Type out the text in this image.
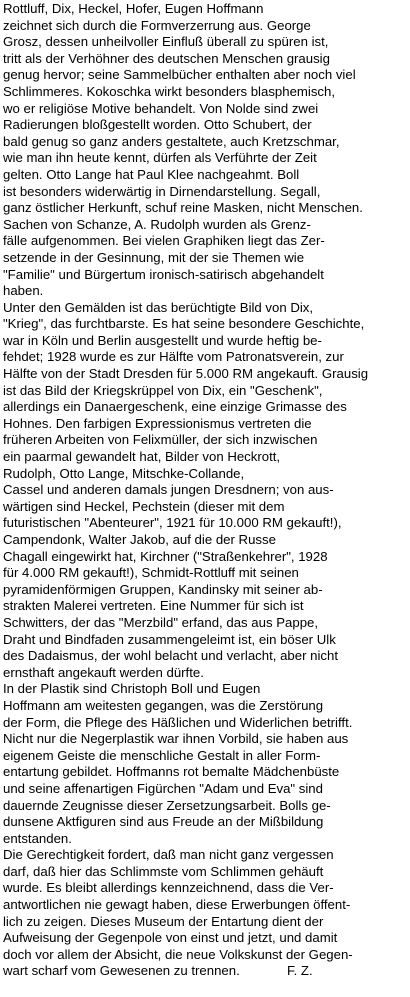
Rottluff, Dix, Heckel, Hofer, Eugen Hoffmann
zeichnet sich durch die Formverzerrung aus. George
Grosz, dessen unheilvoller Einfluß überall zu spüren ist,
tritt als der Verhöhner des deutschen Menschen grausig
genug hervor; seine Sammelbücher enthalten aber noch viel
Schlimmeres. Kokoschka wirkt besonders blasphemisch,
wo er religiöse Motive behandelt. Von Nolde sind zwei
Radierungen bloßgestellt worden. Otto Schubert, der
bald genug so ganz anders gestaltete, auch Kretzschmar,
wie man ihn heute kennt, dürfen als Verführte der Zeit
gelten. Otto Lange hat Paul Klee nachgeahmt. Boll
ist besonders widerwärtig in Dirnendarstellung. Segall,
ganz östlicher Herkunft, schuf reine Masken, nicht Menschen.
Sachen von Schanze, A. Rudolph wurden als Grenz-
fälle aufgenommen. Bei vielen Graphiken liegt das Zer-
setzende in der Gesinnung, mit der sie Themen wie
"Familie" und Bürgertum ironisch-satirisch abgehandelt
haben.
Unter den Gemälden ist das berüchtigte Bild von Dix,
"Krieg", das furchtbarste. Es hat seine besondere Geschichte,
war in Köln und Berlin ausgestellt und wurde heftig be-
fehdet; 1928 wurde es zur Hälfte vom Patronatsverein, zur
Hälfte von der Stadt Dresden für 5.000 RM angekauft. Grausig
ist das Bild der Kriegskrüppel von Dix, ein "Geschenk",
allerdings ein Danaergeschenk, eine einzige Grimasse des
Hohnes. Den farbigen Expressionismus vertreten die
früheren Arbeiten von Felixmüller, der sich inzwischen
ein paarmal gewandelt hat, Bilder von Heckrott,
Rudolph, Otto Lange, Mitschke-Collande,
Cassel und anderen damals jungen Dresdnern; von aus-
wärtigen sind Heckel, Pechstein (dieser mit dem
futuristischen "Abenteurer", 1921 für 10.000 RM gekauft!),
Campendonk, Walter Jakob, auf die der Russe
Chagall eingewirkt hat, Kirchner ("Straßenkehrer", 1928
für 4.000 RM gekauft!), Schmidt-Rottluff mit seinen
pyramidenförmigen Gruppen, Kandinsky mit seiner ab-
strakten Malerei vertreten. Eine Nummer für sich ist
Schwitters, der das "Merzbild" erfand, das aus Pappe,
Draht und Bindfaden zusammengeleimt ist, ein böser Ulk
des Dadaismus, der wohl belacht und verlacht, aber nicht
ernsthaft angekauft werden dürfte.
In der Plastik sind Christoph Boll und Eugen
Hoffmann am weitesten gegangen, was die Zerstörung
der Form, die Pflege des Häßlichen und Widerlichen betrifft.
Nicht nur die Negerplastik war ihnen Vorbild, sie haben aus
eigenem Geiste die menschliche Gestalt in aller Form-
entartung gebildet. Hoffmanns rot bemalte Mädchenbüste
und seine affenartigen Figürchen "Adam und Eva" sind
dauernde Zeugnisse dieser Zersetzungsarbeit. Bolls ge-
dunsene Aktfiguren sind aus Freude an der Mißbildung
entstanden.
Die Gerechtigkeit fordert, daß man nicht ganz vergessen
darf, daß hier das Schlimmste vom Schlimmen gehäuft
wurde. Es bleibt allerdings kennzeichnend, dass die Ver-
antwortlichen nie gewagt haben, diese Erwerbungen öffent-
lich zu zeigen. Dieses Museum der Entartung dient der
Aufweisung der Gegenpole von einst und jetzt, und damit
doch vor allem der Absicht, die neue Volkskunst der Gegen-
wart scharf vom Gewesenen zu trennen.	F. Z.
